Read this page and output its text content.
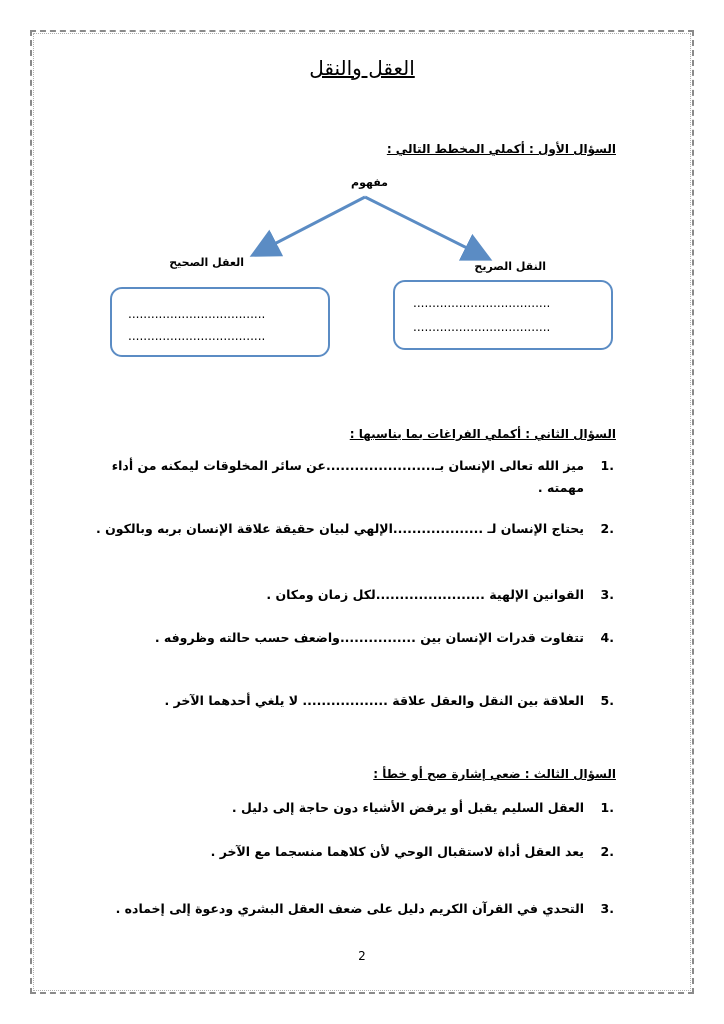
العقل والنقل
السؤال الأول : أكملي المخطط التالي :
مفهوم
العقل الصحيح	النقل الصريح
....................................
....................................
....................................
....................................
السؤال الثاني : أكملي الفراغات بما يناسبها :
.1
ميز الله تعالى الإنسان بـ.......................عن سائر المخلوقات ليمكنه من أداء
مهمته .
.2
يحتاج الإنسان لـ ...................الإلهي لبيان حقيقة علاقة الإنسان بربه وبالكون .
.3
القوانين الإلهية .......................لكل زمان ومكان .
.4
تتفاوت قدرات الإنسان بين ................واضعف حسب حالته وظروفه .
.5
العلاقة بين النقل والعقل علاقة .................. لا يلغي أحدهما الآخر .
السؤال الثالث : ضعي إشارة صح أو خطأ :
.1
العقل السليم يقبل أو يرفض الأشياء دون حاجة إلى دليل .
.2
يعد العقل أداة لاستقبال الوحي لأن كلاهما منسجما مع الآخر .
.3
التحدي في القرآن الكريم دليل على ضعف العقل البشري ودعوة إلى إخماده .
2
